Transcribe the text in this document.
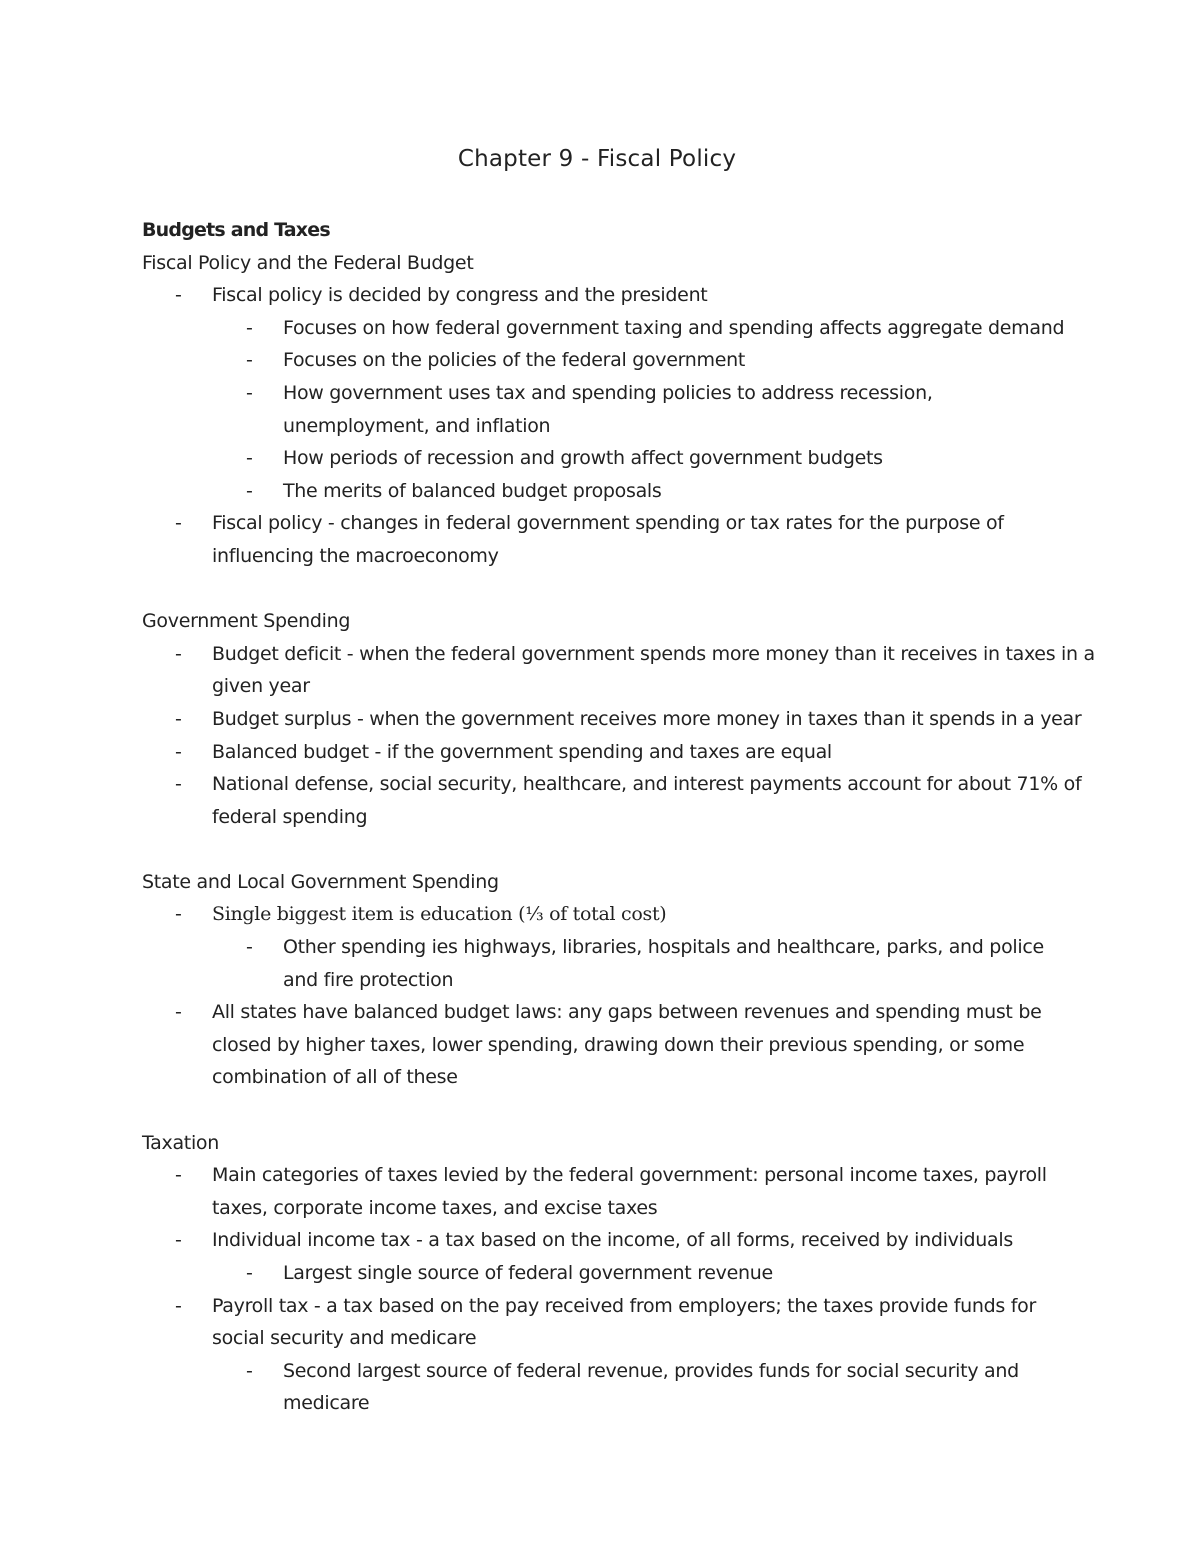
Chapter 9 - Fiscal Policy
Budgets and Taxes
Fiscal Policy and the Federal Budget
-	Fiscal policy is decided by congress and the president
-	Focuses on how federal government taxing and spending affects aggregate demand
-	Focuses on the policies of the federal government
-	How government uses tax and spending policies to address recession, unemployment, and inflation
-	How periods of recession and growth affect government budgets
-	The merits of balanced budget proposals
-	Fiscal policy - changes in federal government spending or tax rates for the purpose of influencing the macroeconomy
Government Spending
-	Budget deficit - when the federal government spends more money than it receives in taxes in a given year
-	Budget surplus - when the government receives more money in taxes than it spends in a year
-	Balanced budget - if the government spending and taxes are equal
-	National defense, social security, healthcare, and interest payments account for about 71% of federal spending
State and Local Government Spending
-	Single biggest item is education (⅓ of total cost)
-	Other spending ies highways, libraries, hospitals and healthcare, parks, and police and fire protection
-	All states have balanced budget laws: any gaps between revenues and spending must be closed by higher taxes, lower spending, drawing down their previous spending, or some combination of all of these
Taxation
-	Main categories of taxes levied by the federal government: personal income taxes, payroll taxes, corporate income taxes, and excise taxes
-	Individual income tax - a tax based on the income, of all forms, received by individuals
-	Largest single source of federal government revenue
-	Payroll tax - a tax based on the pay received from employers; the taxes provide funds for social security and medicare
-	Second largest source of federal revenue, provides funds for social security and medicare
